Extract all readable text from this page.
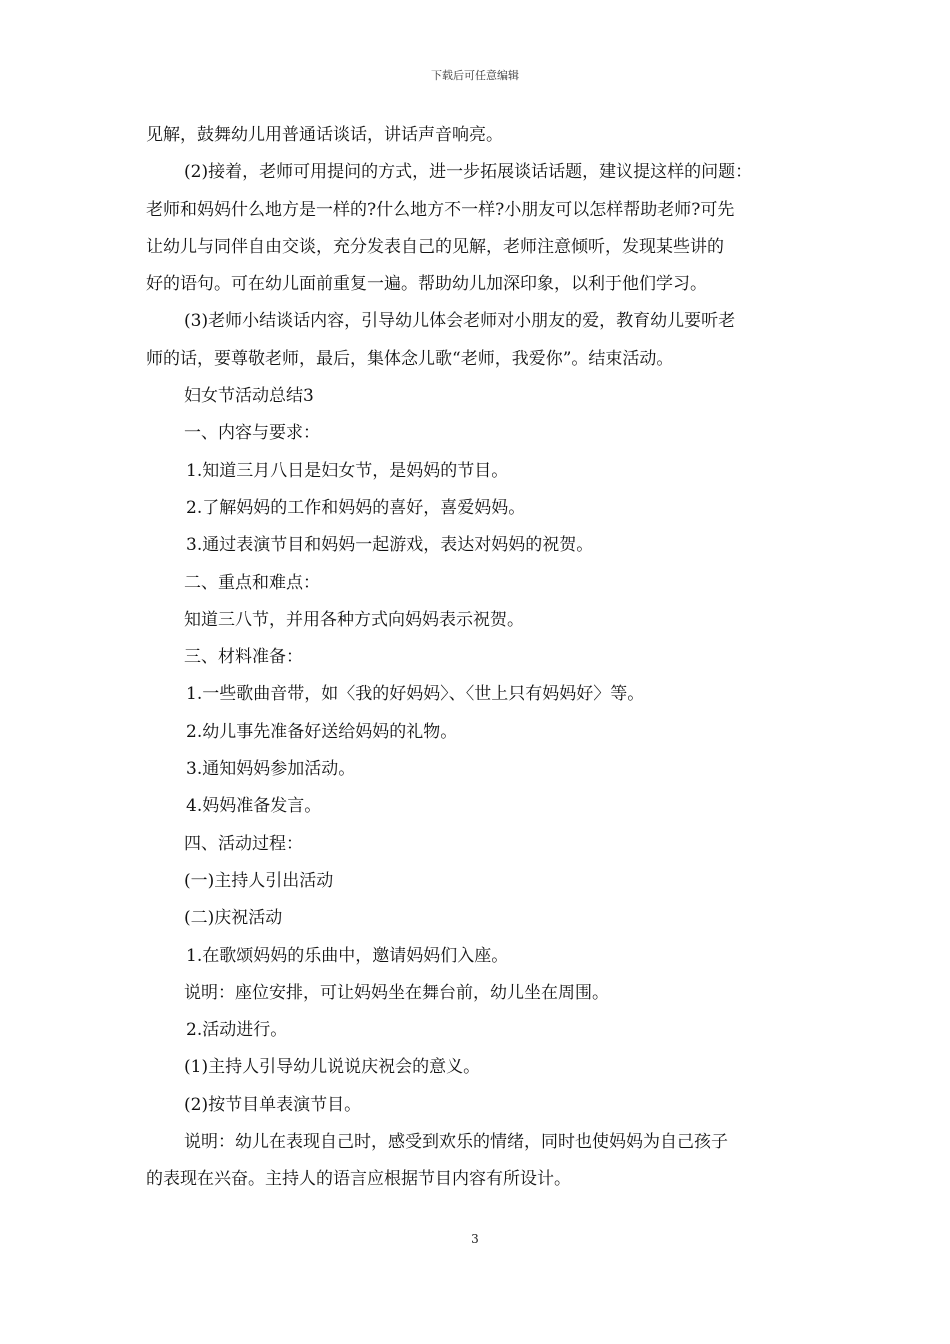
下载后可任意编辑
见解，鼓舞幼儿用普通话谈话，讲话声音响亮。
(2)接着，老师可用提问的方式，进一步拓展谈话话题，建议提这样的问题：
老师和妈妈什么地方是一样的?什么地方不一样?小朋友可以怎样帮助老师?可先
让幼儿与同伴自由交谈，充分发表自己的见解，老师注意倾听，发现某些讲的
好的语句。可在幼儿面前重复一遍。帮助幼儿加深印象，以利于他们学习。
(3)老师小结谈话内容，引导幼儿体会老师对小朋友的爱，教育幼儿要听老
师的话，要尊敬老师，最后，集体念儿歌“老师，我爱你”。结束活动。
妇女节活动总结3
一、内容与要求：
1.知道三月八日是妇女节，是妈妈的节目。
2.了解妈妈的工作和妈妈的喜好，喜爱妈妈。
3.通过表演节目和妈妈一起游戏，表达对妈妈的祝贺。
二、重点和难点：
知道三八节，并用各种方式向妈妈表示祝贺。
三、材料准备：
1.一些歌曲音带，如〈我的好妈妈〉、〈世上只有妈妈好〉等。
2.幼儿事先准备好送给妈妈的礼物。
3.通知妈妈参加活动。
4.妈妈准备发言。
四、活动过程：
(一)主持人引出活动
(二)庆祝活动
1.在歌颂妈妈的乐曲中，邀请妈妈们入座。
说明：座位安排，可让妈妈坐在舞台前，幼儿坐在周围。
2.活动进行。
(1)主持人引导幼儿说说庆祝会的意义。
(2)按节目单表演节目。
说明：幼儿在表现自己时，感受到欢乐的情绪，同时也使妈妈为自己孩子
的表现在兴奋。主持人的语言应根据节目内容有所设计。
3
